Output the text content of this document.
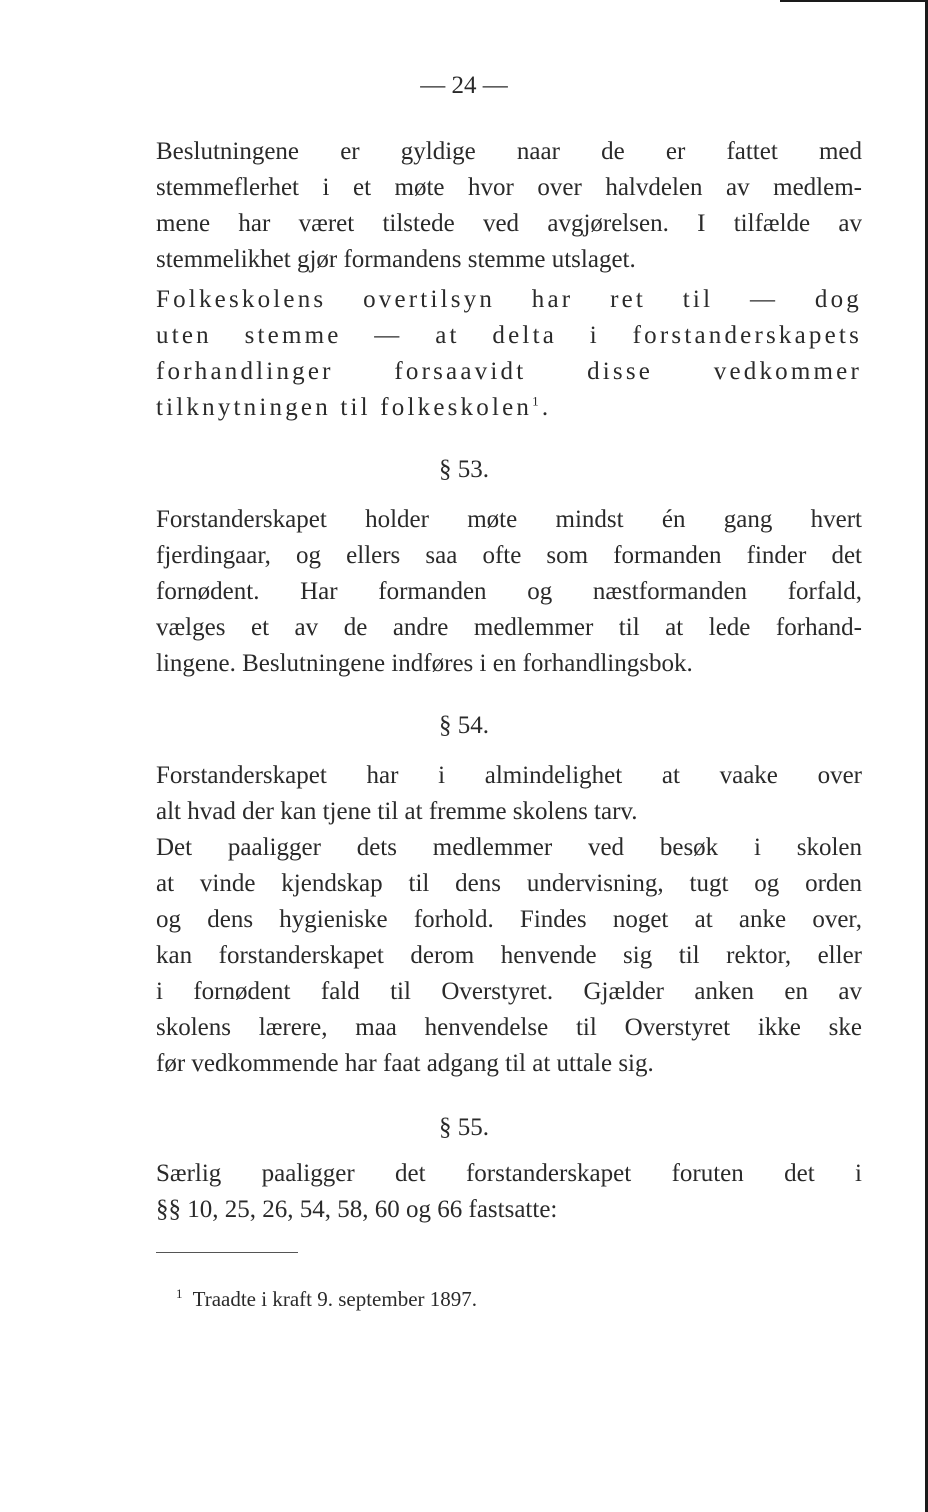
— 24 —
Beslutningene er gyldige naar de er fattet med
stemmeflerhet i et møte hvor over halvdelen av medlem-
mene har været tilstede ved avgjørelsen. I tilfælde av
stemmelikhet gjør formandens stemme utslaget.
Folkeskolens overtilsyn har ret til — dog
uten stemme — at delta i forstanderskapets
forhandlinger forsaavidt disse vedkommer
tilknytningen til folkeskolen$^1$.
§ 53.
Forstanderskapet holder møte mindst én gang hvert
fjerdingaar, og ellers saa ofte som formanden finder det
fornødent. Har formanden og næstformanden forfald,
vælges et av de andre medlemmer til at lede forhand-
lingene. Beslutningene indføres i en forhandlingsbok.
§ 54.
Forstanderskapet har i almindelighet at vaake over
alt hvad der kan tjene til at fremme skolens tarv.
Det paaligger dets medlemmer ved besøk i skolen
at vinde kjendskap til dens undervisning, tugt og orden
og dens hygieniske forhold. Findes noget at anke over,
kan forstanderskapet derom henvende sig til rektor, eller
i fornødent fald til Overstyret. Gjælder anken en av
skolens lærere, maa henvendelse til Overstyret ikke ske
før vedkommende har faat adgang til at uttale sig.
§ 55.
Særlig paaligger det forstanderskapet foruten det i
§§ 10, 25, 26, 54, 58, 60 og 66 fastsatte:
$^1$ Traadte i kraft 9. september 1897.
